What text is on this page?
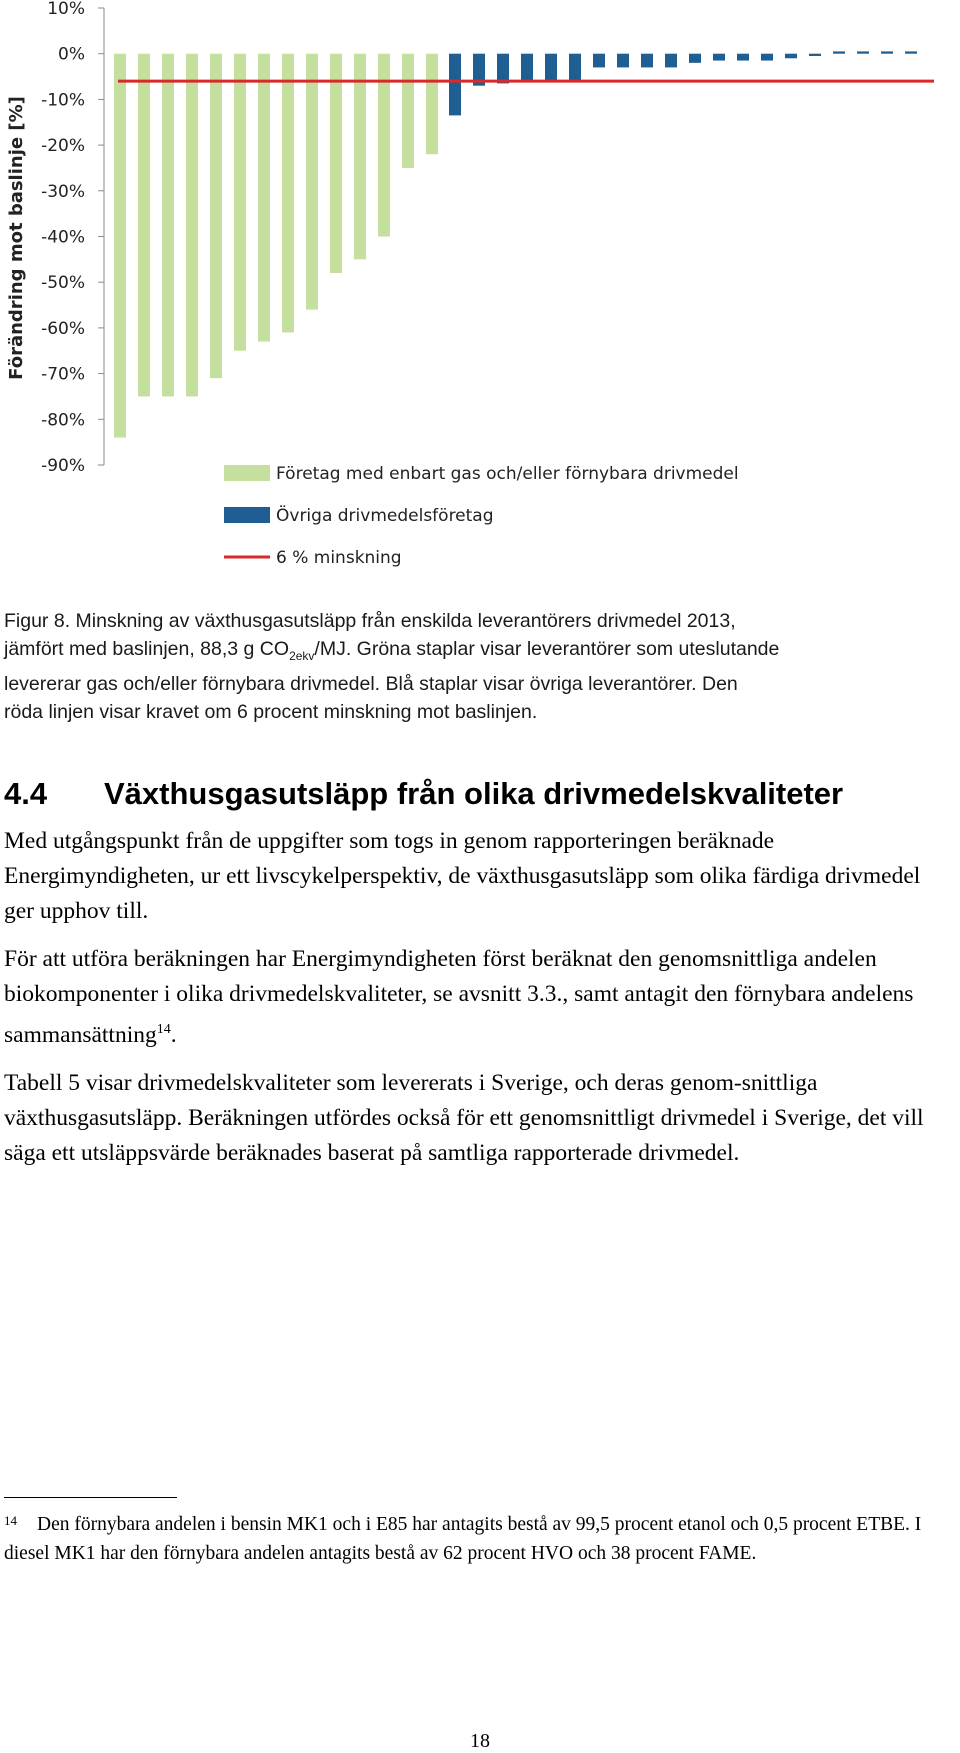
10%
0%
-10%
-20%
-30%
-40%
-50%
-60%
-70%
-80%
-90%
Förändring mot baslinje [%]
Företag med enbart gas och/eller förnybara drivmedel
Övriga drivmedelsföretag
6 % minskning
Figur 8. Minskning av växthusgasutsläpp från enskilda leverantörers drivmedel 2013,
jämfört med baslinjen, 88,3 g $CO_{2ekv}/MJ$. Gröna staplar visar leverantörer som uteslutande
levererar gas och/eller förnybara drivmedel. Blå staplar visar övriga leverantörer. Den
röda linjen visar kravet om 6 procent minskning mot baslinjen.
4.4 Växthusgasutsläpp från olika drivmedelskvaliteter

Med utgångspunkt från de uppgifter som togs in genom rapporteringen beräknade Energimyndigheten, ur ett livscykelperspektiv, de växthusgasutsläpp som olika färdiga drivmedel ger upphov till.

För att utföra beräkningen har Energimyndigheten först beräknat den genomsnittliga andelen biokomponenter i olika drivmedelskvaliteter, se avsnitt 3.3., samt antagit den förnybara andelens sammansättning$^{14}$.

Tabell 5 visar drivmedelskvaliteter som levererats i Sverige, och deras genom-snittliga växthusgasutsläpp. Beräkningen utfördes också för ett genomsnittligt drivmedel i Sverige, det vill säga ett utsläppsvärde beräknades baserat på samtliga rapporterade drivmedel.

$^{14}$ Den förnybara andelen i bensin MK1 och i E85 har antagits bestå av 99,5 procent etanol och 0,5 procent ETBE. I diesel MK1 har den förnybara andelen antagits bestå av 62 procent HVO och 38 procent FAME.
18
